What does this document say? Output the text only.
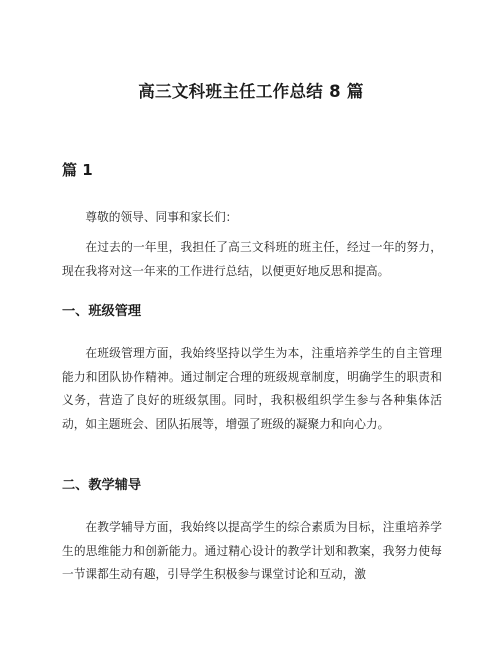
高三文科班主任工作总结 8 篇
篇 1
尊敬的领导、同事和家长们：
在过去的一年里，我担任了高三文科班的班主任，经过一年的努力，现在我将对这一年来的工作进行总结，以便更好地反思和提高。
一、班级管理
在班级管理方面，我始终坚持以学生为本，注重培养学生的自主管理能力和团队协作精神。通过制定合理的班级规章制度，明确学生的职责和义务，营造了良好的班级氛围。同时，我积极组织学生参与各种集体活动，如主题班会、团队拓展等，增强了班级的凝聚力和向心力。
二、教学辅导
在教学辅导方面，我始终以提高学生的综合素质为目标，注重培养学生的思维能力和创新能力。通过精心设计的教学计划和教案，我努力使每一节课都生动有趣，引导学生积极参与课堂讨论和互动，激
